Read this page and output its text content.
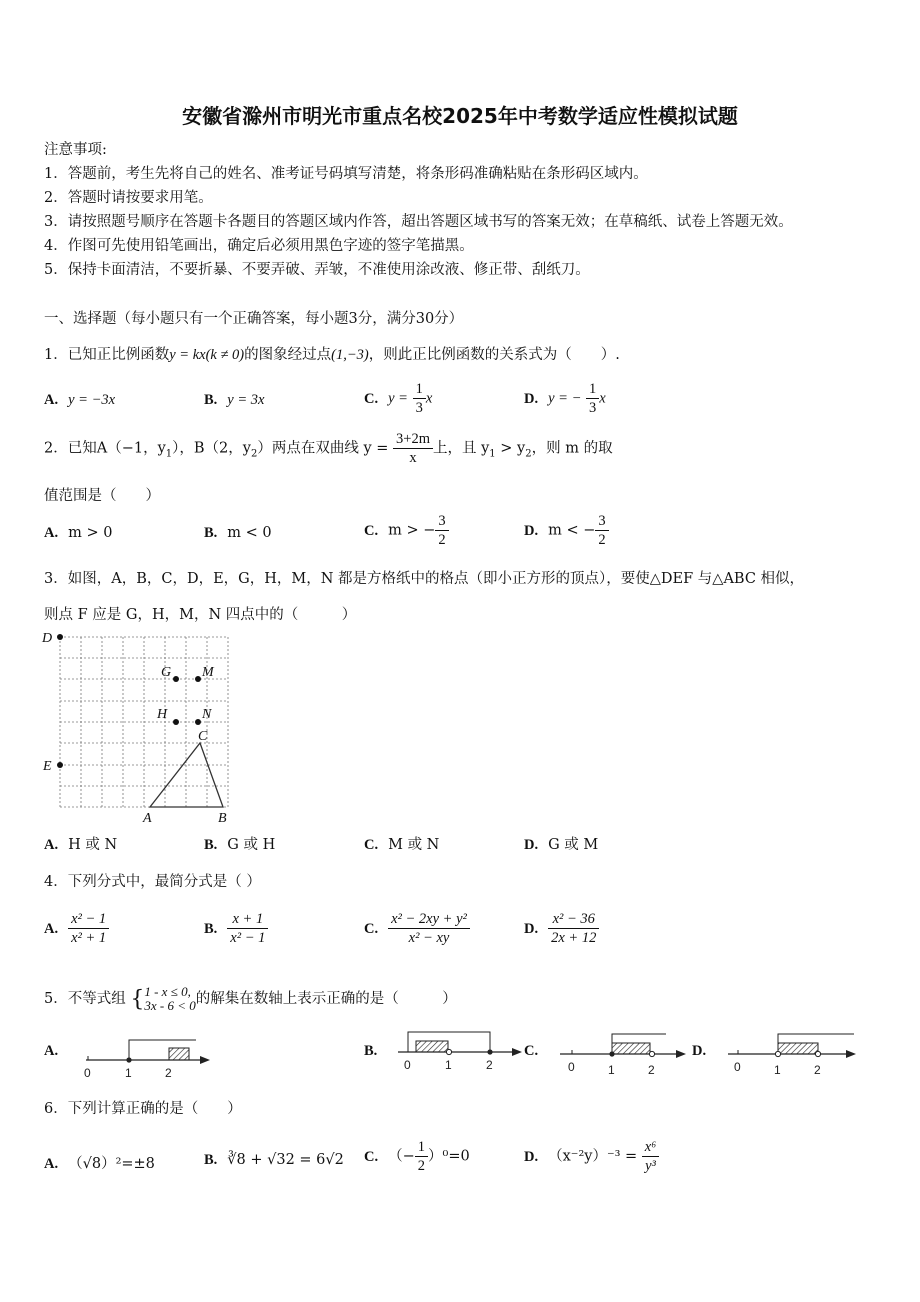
安徽省滁州市明光市重点名校2025年中考数学适应性模拟试题
注意事项:
1．答题前，考生先将自己的姓名、准考证号码填写清楚，将条形码准确粘贴在条形码区域内。
2．答题时请按要求用笔。
3．请按照题号顺序在答题卡各题目的答题区域内作答，超出答题区域书写的答案无效；在草稿纸、试卷上答题无效。
4．作图可先使用铅笔画出，确定后必须用黑色字迹的签字笔描黑。
5．保持卡面清洁，不要折暴、不要弄破、弄皱，不准使用涂改液、修正带、刮纸刀。
一、选择题（每小题只有一个正确答案，每小题3分，满分30分）
1．已知正比例函数y = kx(k ≠ 0)的图象经过点(1,−3)，则此正比例函数的关系式为（　　）.
A. y = −3x	B. y = 3x	C. $y = \frac{1}{3}$ x	D. y = − $\frac{1}{3}$ x
2．已知A（−1，$y_1$），B（2，$y_2$）两点在双曲线 $y = \frac{3+2m}{x}$ 上，且 $y_1 > y_2$，则 m 的取
值范围是（　　）
A. m > 0	B. m < 0	C. m > − $\frac{3}{2}$	D. m < − $\frac{3}{2}$
3．如图，A，B，C，D，E，G，H，M，N 都是方格纸中的格点（即小正方形的顶点），要使△DEF 与△ABC 相似，
则点 F 应是 G，H，M，N 四点中的（　　　）
D
G M
H N
C
E
A	B
A. H 或 N	B. G 或 H	C. M 或 N	D. G 或 M
4．下列分式中，最简分式是（ ）
A. $\frac{\text{x² − 1}}{\text{x² + 1}}$	B. $\frac{x + 1}{\text{x² − 1}}$	C. $\frac{\text{x² − 2xy + y²}}{\text{x² − xy}}$	D. $\frac{\text{x² − 36}}{2x + 12}$
5．不等式组 {1 - x ≤ 0,
3x - 6 < 0的解集在数轴上表示正确的是（　　　）
A.
0	1	2
B.
0	1	2
C.
0	1	2
D.
0	1	2
6．下列计算正确的是（　　）
A. （√8）²=±8	B. ∛8 + √32 = 6√2 C. （− $\frac{1}{2} )^0=0$	D. $(x^{-2}y)^{-3} = \frac{\text{x⁶}}{\text{y³}}$
